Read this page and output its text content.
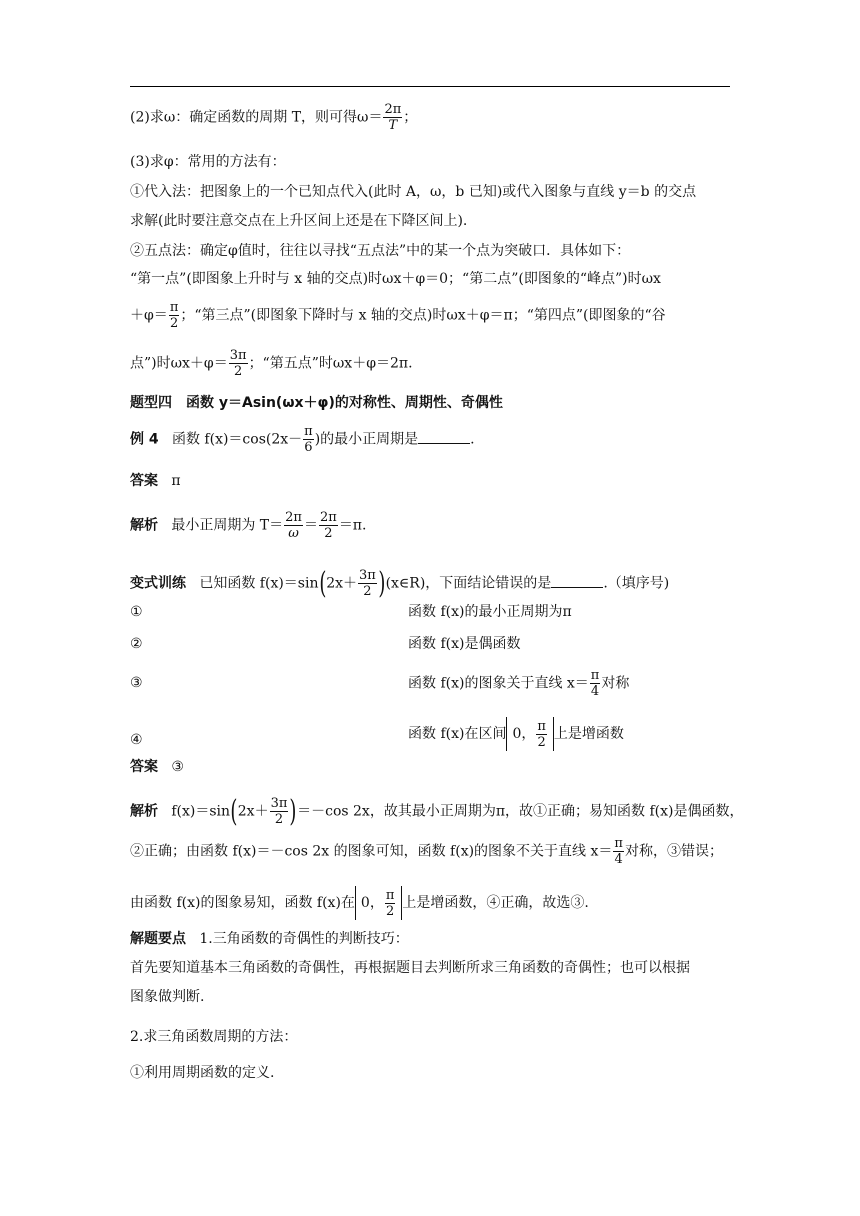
(2)求ω：确定函数的周期 T，则可得$\omega= \frac{2\pi}{T}$ ；
(3)求φ：常用的方法有：
①代入法：把图象上的一个已知点代入(此时 A，ω，b 已知)或代入图象与直线 y＝b 的交点
求解(此时要注意交点在上升区间上还是在下降区间上).
②五点法：确定φ值时，往往以寻找“五点法”中的某一个点为突破口．具体如下：
“第一点”(即图象上升时与 x 轴的交点)时ωx＋φ＝0；“第二点”(即图象的“峰点”)时ωx
$+\varphi= \frac{\pi}{2}$ ；“第三点”(即图象下降时与 x 轴的交点)时ωx＋φ＝π；“第四点”(即图象的“谷
点”)时$\omega x+\varphi= \frac{3\pi}{2}$ ；“第五点”时ωx＋φ＝2π.
题型四　函数 y＝Asin(ωx＋φ)的对称性、周期性、奇偶性
例 4 函数 $f(x)=\cos(2x- \frac{\pi}{6}$ )的最小正周期是	.
答案 π
解析 最小正周期为 $T= \frac{2\pi}{\omega} = \frac{2\pi}{2} =\pi$.
变式训练 已知函数 $f(x)=\sin(2x+ \frac{3\pi}{2}$ )(x∈R)，下面结论错误的是	.（填序号)
①	函数 f(x)的最小正周期为π
②	函数 f(x)是偶函数
③	函数 f(x)的图象关于直线 $x= \frac{\pi}{4}$ 对称
④	函数 f(x)在区间 0， $\frac{\pi}{2}$ 上是增函数
答案 ③
解析 $f(x)=\sin(2x+ \frac{3\pi}{2} )=-\cos$ 2x，故其最小正周期为π，故①正确；易知函数 f(x)是偶函数，
②正确；由函数 f(x)＝－cos 2x 的图象可知，函数 f(x)的图象不关于直线 $x= \frac{\pi}{4}$ 对称，③错误；
由函数 f(x)的图象易知，函数 f(x)在 0， $\frac{\pi}{2}$ 上是增函数，④正确，故选③.
解题要点 1.三角函数的奇偶性的判断技巧：
首先要知道基本三角函数的奇偶性，再根据题目去判断所求三角函数的奇偶性；也可以根据
图象做判断.
2.求三角函数周期的方法：
①利用周期函数的定义.
